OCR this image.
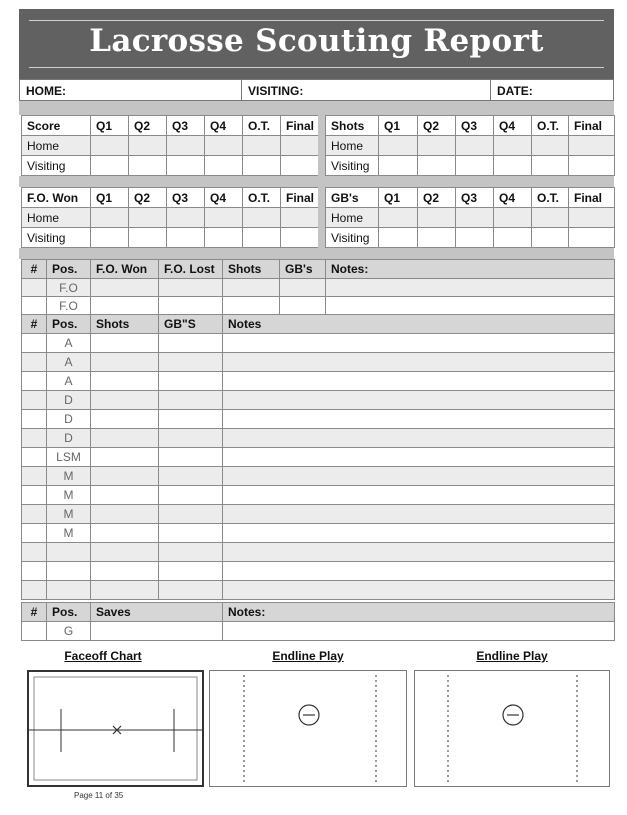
Lacrosse Scouting Report
HOME:	VISITING:	DATE:
Score	Q1	Q2	Q3	Q4	O.T.	Final
Home						
Visiting						
Shots	Q1	Q2	Q3	Q4	O.T.	Final
Home						
Visiting						
F.O. Won	Q1	Q2	Q3	Q4	O.T.	Final
Home						
Visiting						
GB's	Q1	Q2	Q3	Q4	O.T.	Final
Home						
Visiting						
#	Pos.	F.O. Won	F.O. Lost	Shots	GB's	Notes:
	F.O					
	F.O					
#	Pos.	Shots	GB"S	Notes
	A			
	A			
	A			
	D			
	D			
	D			
	LSM			
	M			
	M			
	M			
	M			

#	Pos.	Saves	Notes:
	G		
Faceoff Chart	Endline Play	Endline Play
Page 11 of 35
